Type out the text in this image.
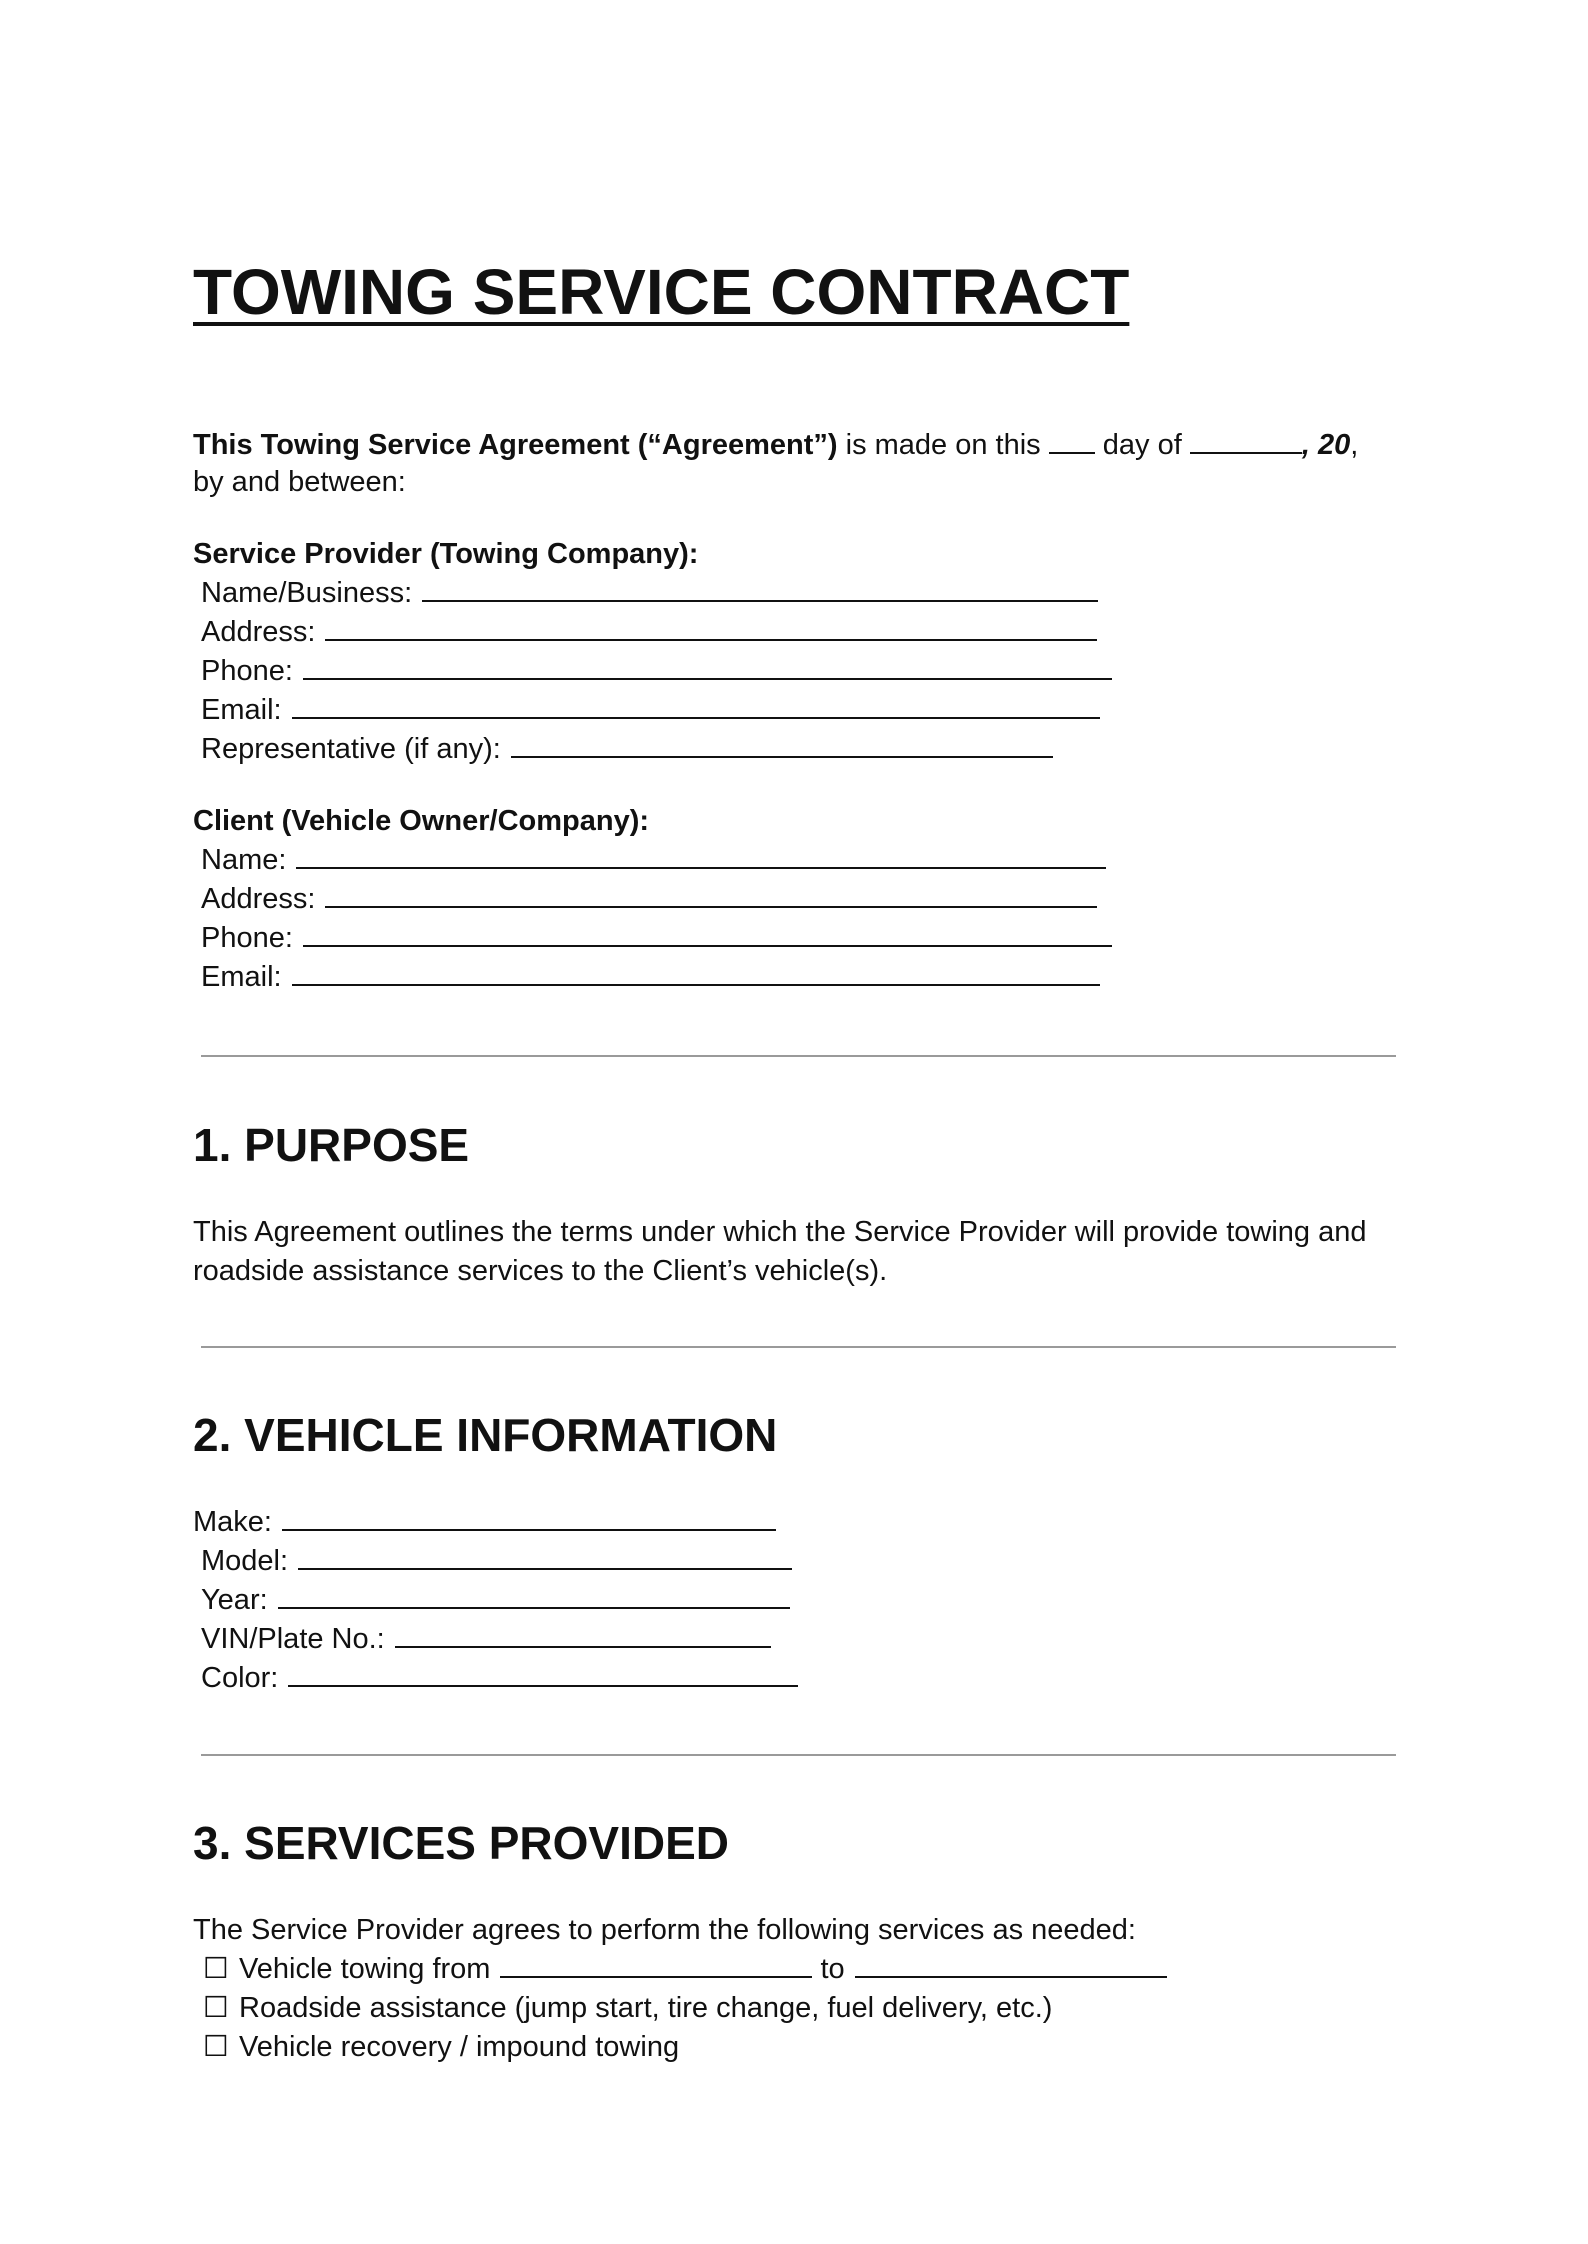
TOWING SERVICE CONTRACT
This Towing Service Agreement (“Agreement”) is made on this  day of	, 20,
by and between:
Service Provider (Towing Company):
Name/Business:
Address:
Phone:
Email:
Representative (if any):
Client (Vehicle Owner/Company):
Name:
Address:
Phone:
Email:
1. PURPOSE
This Agreement outlines the terms under which the Service Provider will provide towing and
roadside assistance services to the Client’s vehicle(s).
2. VEHICLE INFORMATION
Make:
Model:
Year:
VIN/Plate No.:
Color:
3. SERVICES PROVIDED
The Service Provider agrees to perform the following services as needed:
☐ Vehicle towing from	to
☐ Roadside assistance (jump start, tire change, fuel delivery, etc.)
☐ Vehicle recovery / impound towing
